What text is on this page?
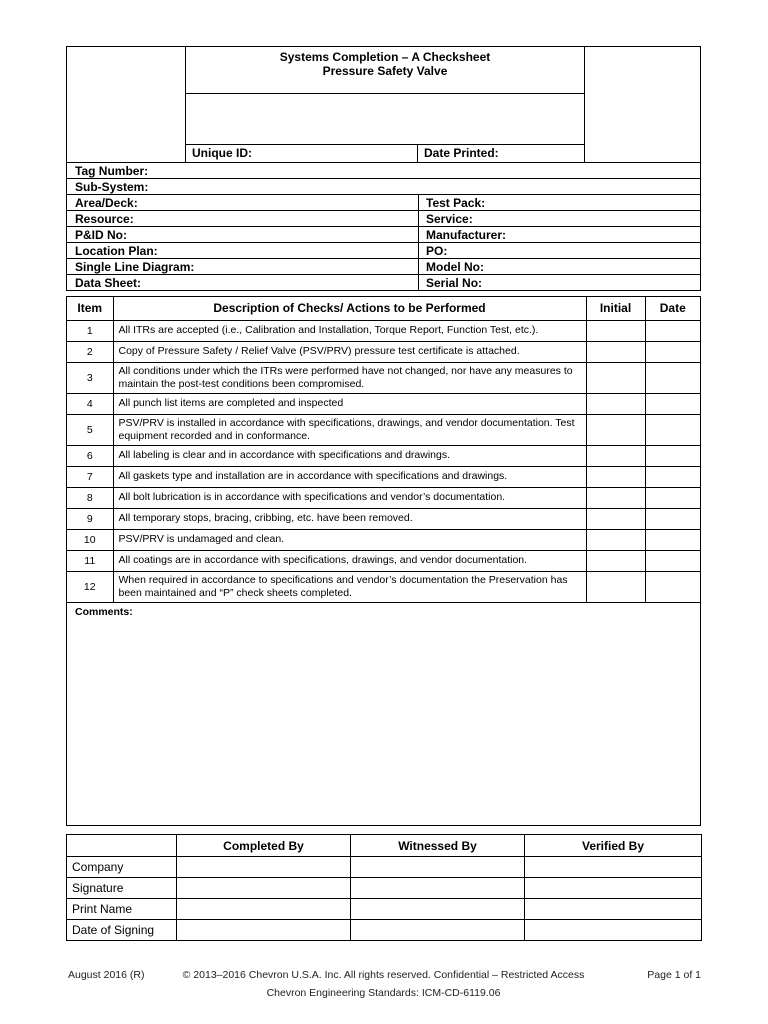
Systems Completion – A Checksheet
Pressure Safety Valve
Unique ID:	Date Printed:
Tag Number:
Sub-System:
Area/Deck:	Test Pack:
Resource:	Service:
P&ID No:	Manufacturer:
Location Plan:	PO:
Single Line Diagram:	Model No:
Data Sheet:	Serial No:
Item	Description of Checks/ Actions to be Performed	Initial	Date
1	All ITRs are accepted (i.e., Calibration and Installation, Torque Report, Function Test, etc.).		
2	Copy of Pressure Safety / Relief Valve (PSV/PRV) pressure test certificate is attached.		
3	All conditions under which the ITRs were performed have not changed, nor have any measures to maintain the post-test conditions been compromised.		
4	All punch list items are completed and inspected		
5	PSV/PRV is installed in accordance with specifications, drawings, and vendor documentation. Test equipment recorded and in conformance.		
6	All labeling is clear and in accordance with specifications and drawings.		
7	All gaskets type and installation are in accordance with specifications and drawings.		
8	All bolt lubrication is in accordance with specifications and vendor’s documentation.		
9	All temporary stops, bracing, cribbing, etc. have been removed.		
10	PSV/PRV is undamaged and clean.		
11	All coatings are in accordance with specifications, drawings, and vendor documentation.		
12	When required in accordance to specifications and vendor’s documentation the Preservation has been maintained and “P” check sheets completed.		
Comments:
	Completed By	Witnessed By	Verified By
Company			
Signature			
Print Name			
Date of Signing			
August 2016 (R)	© 2013–2016 Chevron U.S.A. Inc. All rights reserved. Confidential – Restricted Access	Page 1 of 1
Chevron Engineering Standards: ICM-CD-6119.06
